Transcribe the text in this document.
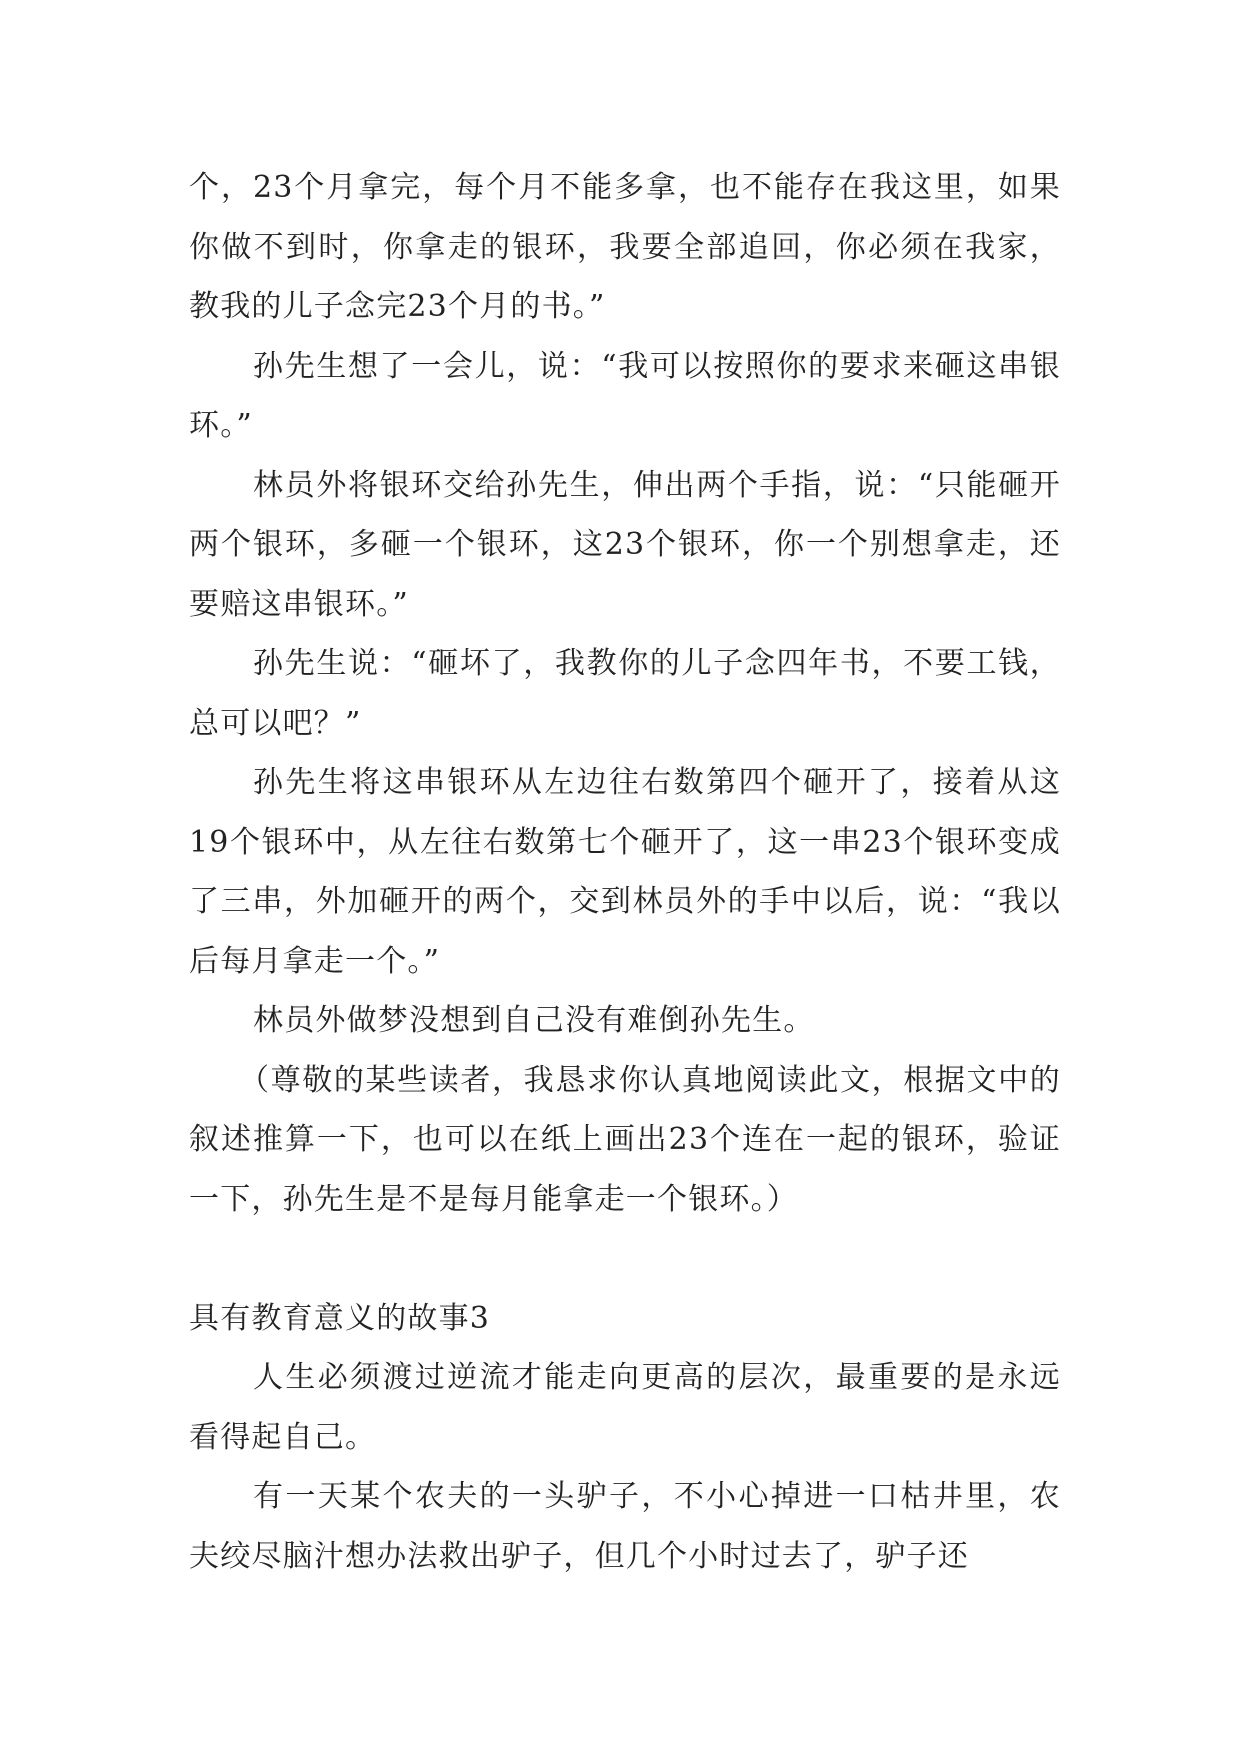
个，23个月拿完，每个月不能多拿，也不能存在我这里，如果你做不到时，你拿走的银环，我要全部追回，你必须在我家，教我的儿子念完23个月的书。”

孙先生想了一会儿，说：“我可以按照你的要求来砸这串银环。”

林员外将银环交给孙先生，伸出两个手指，说：“只能砸开两个银环，多砸一个银环，这23个银环，你一个别想拿走，还要赔这串银环。”

孙先生说：“砸坏了，我教你的儿子念四年书，不要工钱，总可以吧？”

孙先生将这串银环从左边往右数第四个砸开了，接着从这19个银环中，从左往右数第七个砸开了，这一串23个银环变成了三串，外加砸开的两个，交到林员外的手中以后，说：“我以后每月拿走一个。”

林员外做梦没想到自己没有难倒孙先生。

（尊敬的某些读者，我恳求你认真地阅读此文，根据文中的叙述推算一下，也可以在纸上画出23个连在一起的银环，验证一下，孙先生是不是每月能拿走一个银环。）

具有教育意义的故事3

人生必须渡过逆流才能走向更高的层次，最重要的是永远看得起自己。

有一天某个农夫的一头驴子，不小心掉进一口枯井里，农夫绞尽脑汁想办法救出驴子，但几个小时过去了，驴子还
